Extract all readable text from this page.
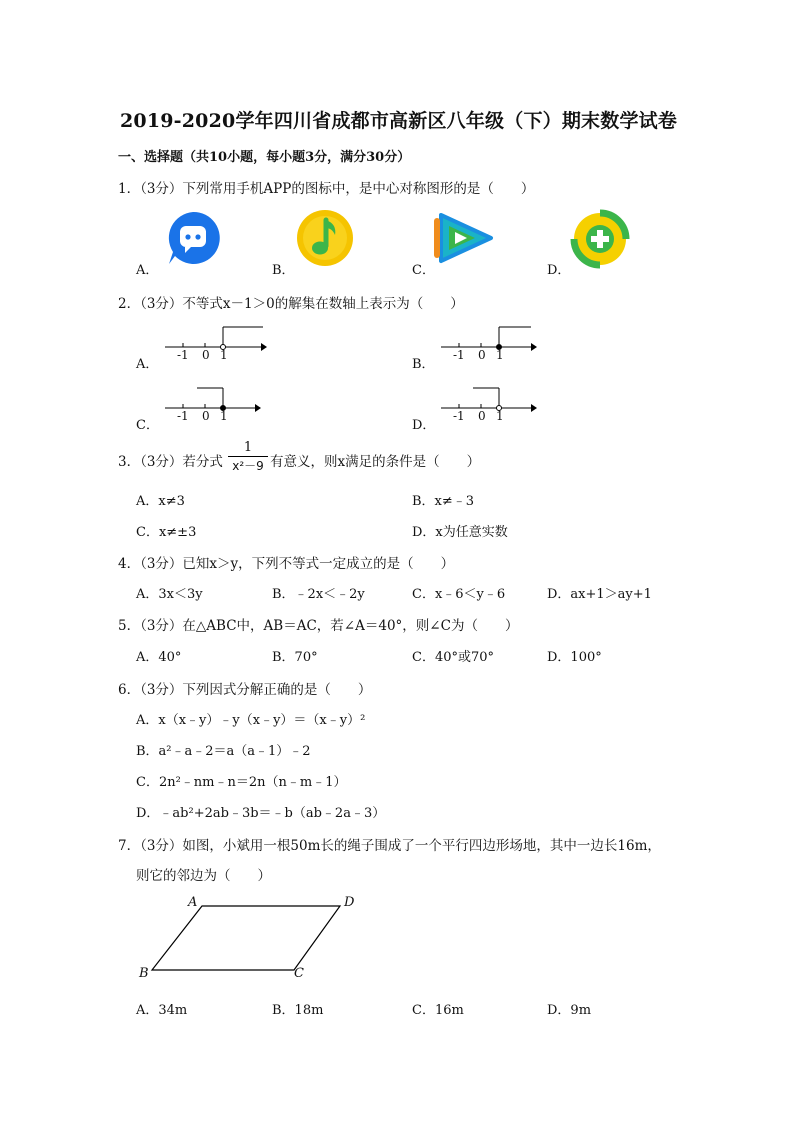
2019-2020学年四川省成都市高新区八年级（下）期末数学试卷
一、选择题（共10小题，每小题3分，满分30分）
1．（3分）下列常用手机APP的图标中，是中心对称图形的是（　　）
A．	B．	C．	D．
2．（3分）不等式x－1＞0的解集在数轴上表示为（　　）
A．
-1 0 1
B．
-1 0 1
C．
-1 0 1
D．
-1 0 1
3．（3分）若分式 $\frac{1}{\text{x²－9}}$ 有意义，则x满足的条件是（　　）
A．x≠3	B．x≠﹣3
C．x≠±3	D．x为任意实数
4．（3分）已知x＞y，下列不等式一定成立的是（　　）
A．3x＜3y	B．﹣2x＜﹣2y	C．x﹣6＜y﹣6	D．ax+1＞ay+1
5．（3分）在△ABC中，AB＝AC，若∠A＝40°，则∠C为（　　）
A．40°	B．70°	C．40°或70°	D．100°
6．（3分）下列因式分解正确的是（　　）
A．x（x﹣y）﹣y（x﹣y）＝（x﹣y）²
B．a²﹣a﹣2＝a（a﹣1）﹣2
C．2n²﹣nm﹣n＝2n（n﹣m﹣1）
D．﹣ab²+2ab﹣3b＝﹣b（ab﹣2a﹣3）
7．（3分）如图，小斌用一根50m长的绳子围成了一个平行四边形场地，其中一边长16m，
则它的邻边为（　　）
A	D
B	C
A．34m	B．18m	C．16m	D．9m
